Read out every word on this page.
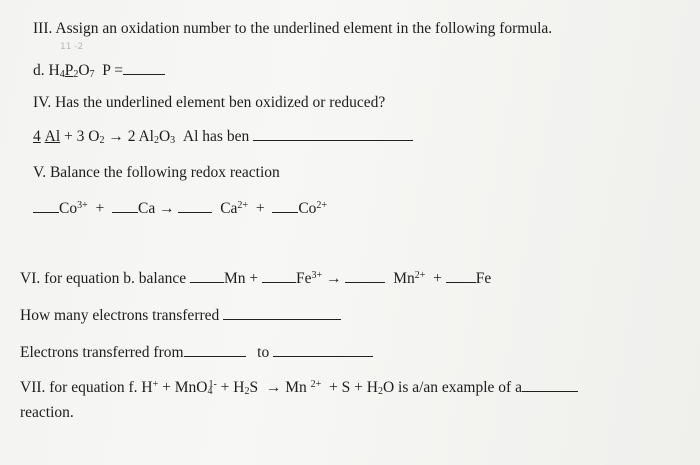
III. Assign an oxidation number to the underlined element in the following formula.
11 -2
d. $H_4P_2O_7$ P =
IV. Has the underlined element ben oxidized or reduced?
4 Al + 3 $O_2 \to 2$ $Al_2O_3$ Al has ben
V. Balance the following redox reaction
$Co^{3+} + Ca$ →	$Ca^{2+} + Co^{2+}$
VI. for equation b. balance $Mn + Fe^{3+}$ →	$Mn^{2+} + Fe$
How many electrons transferred
Electrons transferred from	to
VII. for equation f. $H^+ + MnO_4^{1-} + H_2S \to Mn$ $^{2+} + S + H_2O$ is a/an example of a
reaction.
